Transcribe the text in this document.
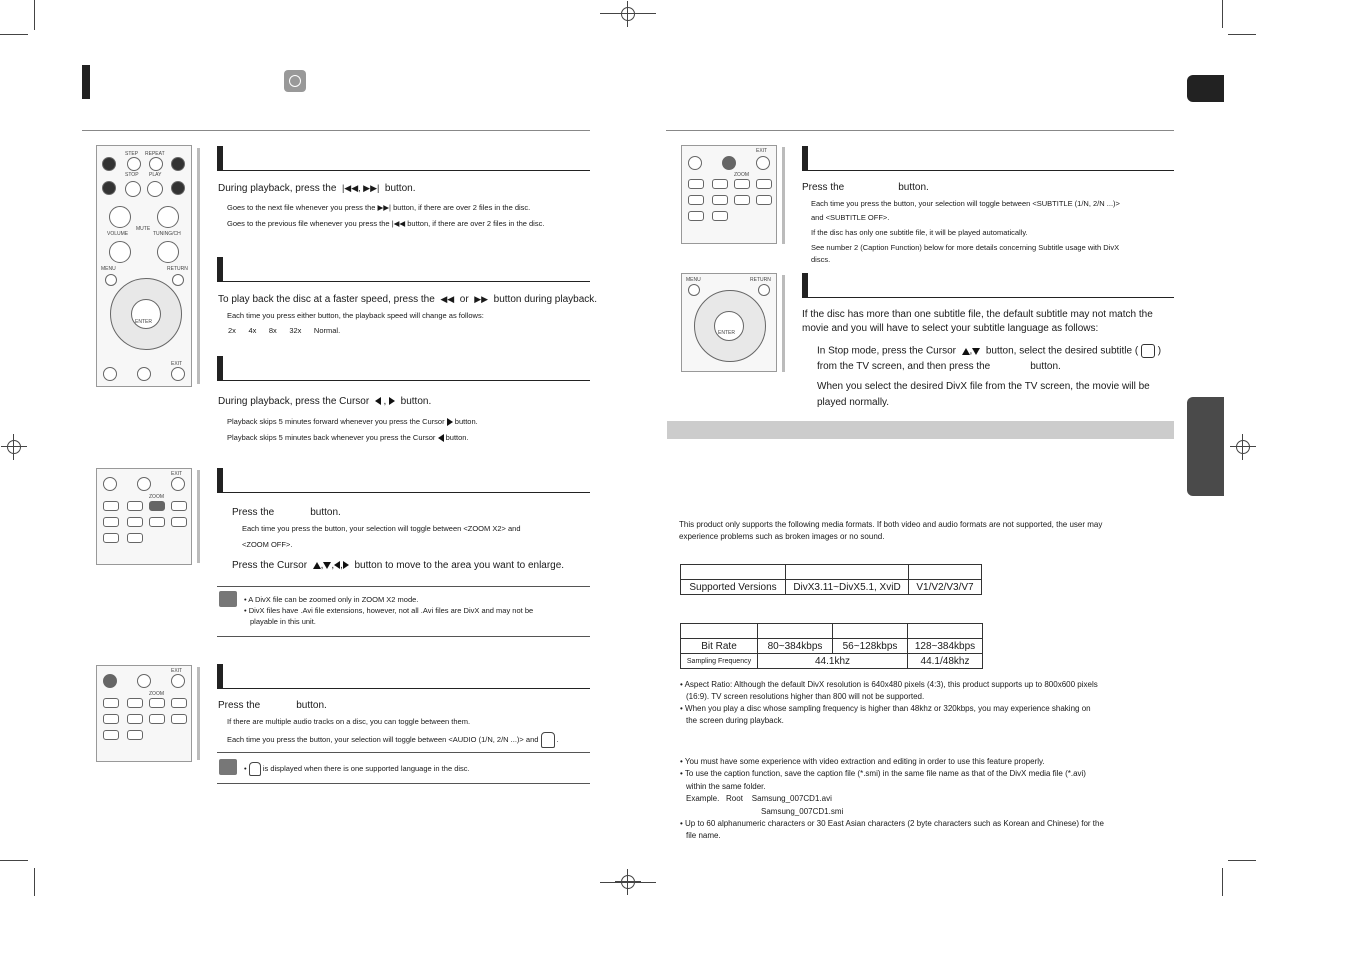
STEP REPEAT
STOP PLAY
VOLUME
MUTE
TUNING/CH
MENU	RETURN
ENTER
EXIT
During playback, press the |◀◀, ▶▶| button.
Goes to the next file whenever you press the ▶▶| button, if there are over 2 files in the disc.
Goes to the previous file whenever you press the |◀◀ button, if there are over 2 files in the disc.
To play back the disc at a faster speed, press the ◀◀ or ▶▶ button during playback.
Each time you press either button, the playback speed will change as follows:
2x 4x 8x 32x Normal.
During playback, press the Cursor   ,   button.
Playback skips 5 minutes forward whenever you press the Cursor button.
Playback skips 5 minutes back whenever you press the Cursor button.
EXIT
ZOOM
Press the	button.
Each time you press the button, your selection will toggle between <ZOOM X2> and
<ZOOM OFF>.
Press the Cursor , , , button to move to the area you want to enlarge.
• A DivX file can be zoomed only in ZOOM X2 mode.
• DivX files have .Avi file extensions, however, not all .Avi files are DivX and may not be
playable in this unit.
EXIT
ZOOM
Press the	button.
If there are multiple audio tracks on a disc, you can toggle between them.
Each time you press the button, your selection will toggle between <AUDIO (1/N, 2/N ...)> and  .
•  is displayed when there is one supported language in the disc.
EXIT
ZOOM
Press the	button.
Each time you press the button, your selection will toggle between <SUBTITLE (1/N, 2/N ...)>
and <SUBTITLE OFF>.
If the disc has only one subtitle file, it will be played automatically.
See number 2 (Caption Function) below for more details concerning Subtitle usage with DivX
discs.
MENU	RETURN
ENTER
If the disc has more than one subtitle file, the default subtitle may not match the
movie and you will have to select your subtitle language as follows:
In Stop mode, press the Cursor , button, select the desired subtitle (  )
from the TV screen, and then press the	button.
When you select the desired DivX file from the TV screen, the movie will be
played normally.
This product only supports the following media formats. If both video and audio formats are not supported, the user may
experience problems such as broken images or no sound.

Supported Versions	DivX3.11~DivX5.1, XviD	V1/V2/V3/V7

Bit Rate	80~384kbps	56~128kbps	128~384kbps
Sampling Frequency	44.1khz		44.1/48khz
• Aspect Ratio: Although the default DivX resolution is 640x480 pixels (4:3), this product supports up to 800x600 pixels
(16:9). TV screen resolutions higher than 800 will not be supported.
• When you play a disc whose sampling frequency is higher than 48khz or 320kbps, you may experience shaking on
the screen during playback.
• You must have some experience with video extraction and editing in order to use this feature properly.
• To use the caption function, save the caption file (*.smi) in the same file name as that of the DivX media file (*.avi)
within the same folder.
Example.   Root    Samsung_007CD1.avi
Samsung_007CD1.smi
• Up to 60 alphanumeric characters or 30 East Asian characters (2 byte characters such as Korean and Chinese) for the
file name.
